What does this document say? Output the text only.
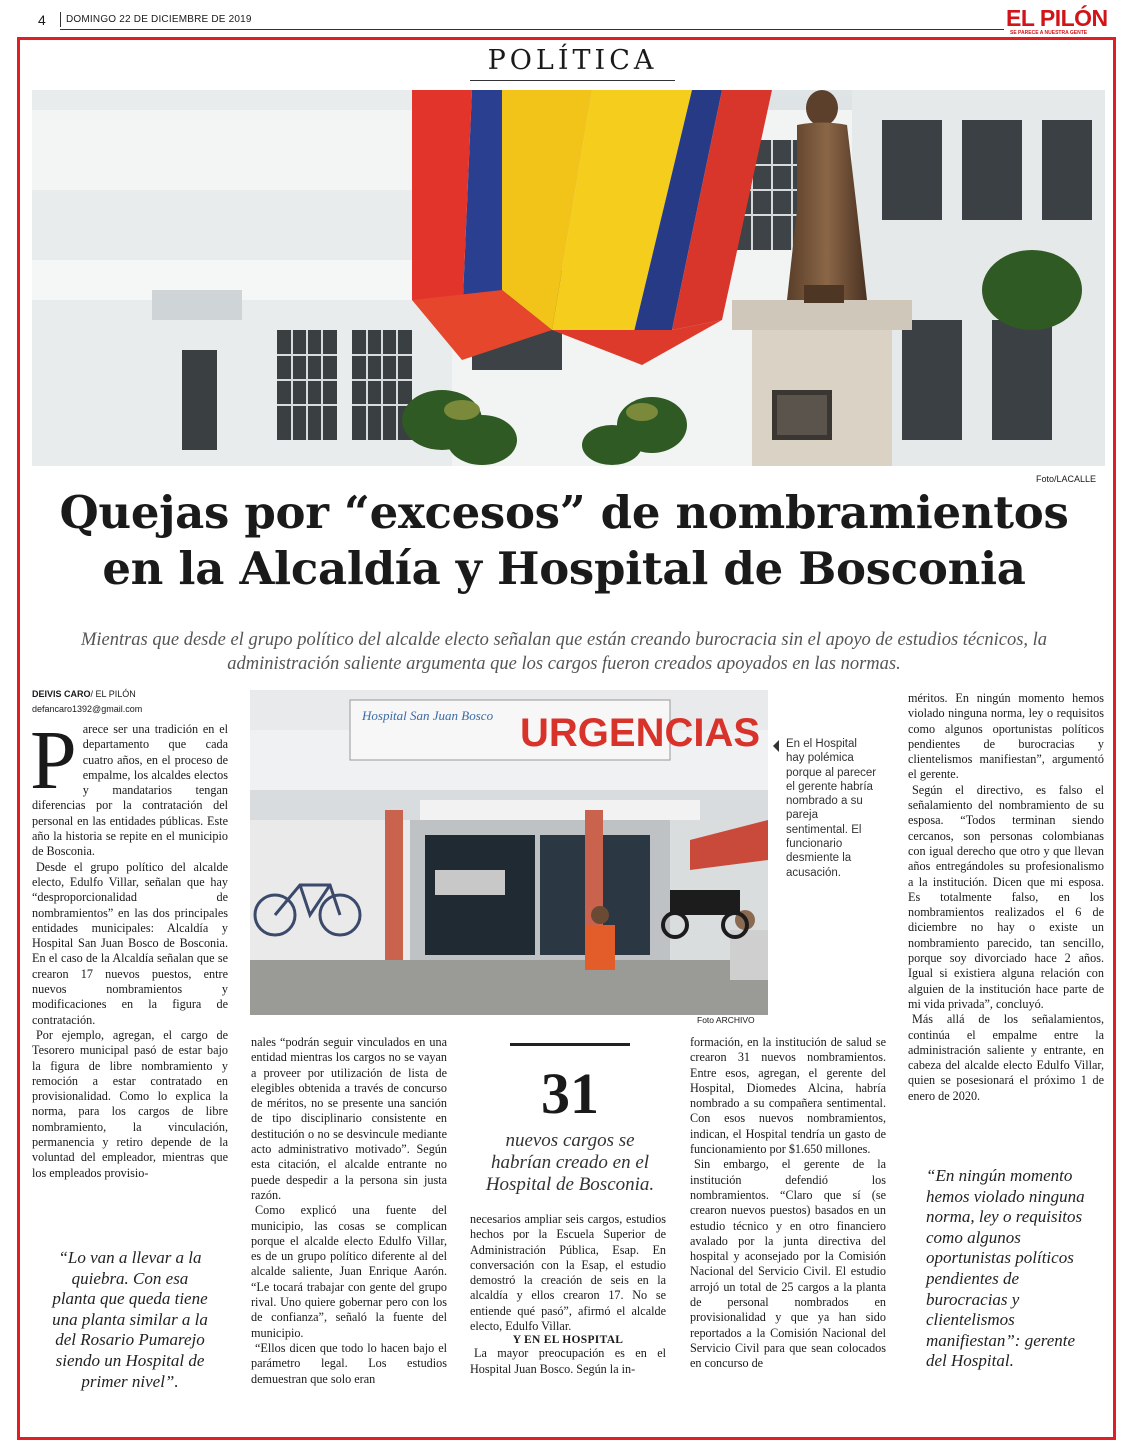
4 DOMINGO 22 DE DICIEMBRE DE 2019	EL PILÓN
SE PARECE A NUESTRA GENTE
POLÍTICA
Foto/LACALLE
Quejas por “excesos” de nombramientos en la Alcaldía y Hospital de Bosconia

Mientras que desde el grupo político del alcalde electo señalan que están creando burocracia sin el apoyo de estudios técnicos, la administración saliente argumenta que los cargos fueron creados apoyados en las normas.

DEIVIS CARO/ EL PILÓN
defancaro1392@gmail.com

Parece ser una tradición en el departamento que cada cuatro años, en el proceso de empalme, los alcaldes electos y mandatarios tengan diferencias por la contratación del personal en las entidades públicas. Este año la historia se repite en el municipio de Bosconia.

Desde el grupo político del alcalde electo, Edulfo Villar, señalan que hay “desproporcionalidad de nombramientos” en las dos principales entidades municipales: Alcaldía y Hospital San Juan Bosco de Bosconia. En el caso de la Alcaldía señalan que se crearon 17 nuevos puestos, entre nuevos nombramientos y modificaciones en la figura de contratación.

Por ejemplo, agregan, el cargo de Tesorero municipal pasó de estar bajo la figura de libre nombramiento y remoción a estar contratado en provisionalidad. Como lo explica la norma, para los cargos de libre nombramiento, la vinculación, permanencia y retiro depende de la voluntad del empleador, mientras que los empleados provisio-

URGENCIAS
Hospital San Juan Bosco
Foto ARCHIVO
En el Hospital hay polémica porque al parecer el gerente habría nombrado a su pareja sentimental. El funcionario desmiente la acusación.

nales “podrán seguir vinculados en una entidad mientras los cargos no se vayan a proveer por utilización de lista de elegibles obtenida a través de concurso de méritos, no se presente una sanción de tipo disciplinario consistente en destitución o no se desvincule mediante acto administrativo motivado”. Según esta citación, el alcalde entrante no puede despedir a la persona sin justa razón.

Como explicó una fuente del municipio, las cosas se complican porque el alcalde electo Edulfo Villar, es de un grupo político diferente al del alcalde saliente, Juan Enrique Aarón. “Le tocará trabajar con gente del grupo rival. Uno quiere gobernar pero con los de confianza”, señaló la fuente del municipio.

“Ellos dicen que todo lo hacen bajo el parámetro legal. Los estudios demuestran que solo eran

31
nuevos cargos se habrían creado en el Hospital de Bosconia.

necesarios ampliar seis cargos, estudios hechos por la Escuela Superior de Administración Pública, Esap. En conversación con la Esap, el estudio demostró la creación de seis en la alcaldía y ellos crearon 17. No se entiende qué pasó”, afirmó el alcalde electo, Edulfo Villar.

Y EN EL HOSPITAL

La mayor preocupación es en el Hospital Juan Bosco. Según la in-

formación, en la institución de salud se crearon 31 nuevos nombramientos. Entre esos, agregan, el gerente del Hospital, Diomedes Alcina, habría nombrado a su compañera sentimental. Con esos nuevos nombramientos, indican, el Hospital tendría un gasto de funcionamiento por $1.650 millones.

Sin embargo, el gerente de la institución defendió los nombramientos. “Claro que sí (se crearon nuevos puestos) basados en un estudio técnico y en otro financiero avalado por la junta directiva del hospital y aconsejado por la Comisión Nacional del Servicio Civil. El estudio arrojó un total de 25 cargos a la planta de personal nombrados en provisionalidad y que ya han sido reportados a la Comisión Nacional del Servicio Civil para que sean colocados en concurso de

méritos. En ningún momento hemos violado ninguna norma, ley o requisitos como algunos oportunistas políticos pendientes de burocracias y clientelismos manifiestan”, argumentó el gerente.

Según el directivo, es falso el señalamiento del nombramiento de su esposa. “Todos terminan siendo cercanos, son personas colombianas con igual derecho que otro y que llevan años entregándoles su profesionalismo a la institución. Dicen que mi esposa. Es totalmente falso, en los nombramientos realizados el 6 de diciembre no hay o existe un nombramiento parecido, tan sencillo, porque soy divorciado hace 2 años. Igual si existiera alguna relación con alguien de la institución hace parte de mi vida privada”, concluyó.

Más allá de los señalamientos, continúa el empalme entre la administración saliente y entrante, en cabeza del alcalde electo Edulfo Villar, quien se posesionará el próximo 1 de enero de 2020.

“Lo van a llevar a la quiebra. Con esa planta que queda tiene una planta similar a la del Rosario Pumarejo siendo un Hospital de primer nivel”.
“En ningún momento hemos violado ninguna norma, ley o requisitos como algunos oportunistas políticos pendientes de burocracias y clientelismos manifiestan”: gerente del Hospital.
